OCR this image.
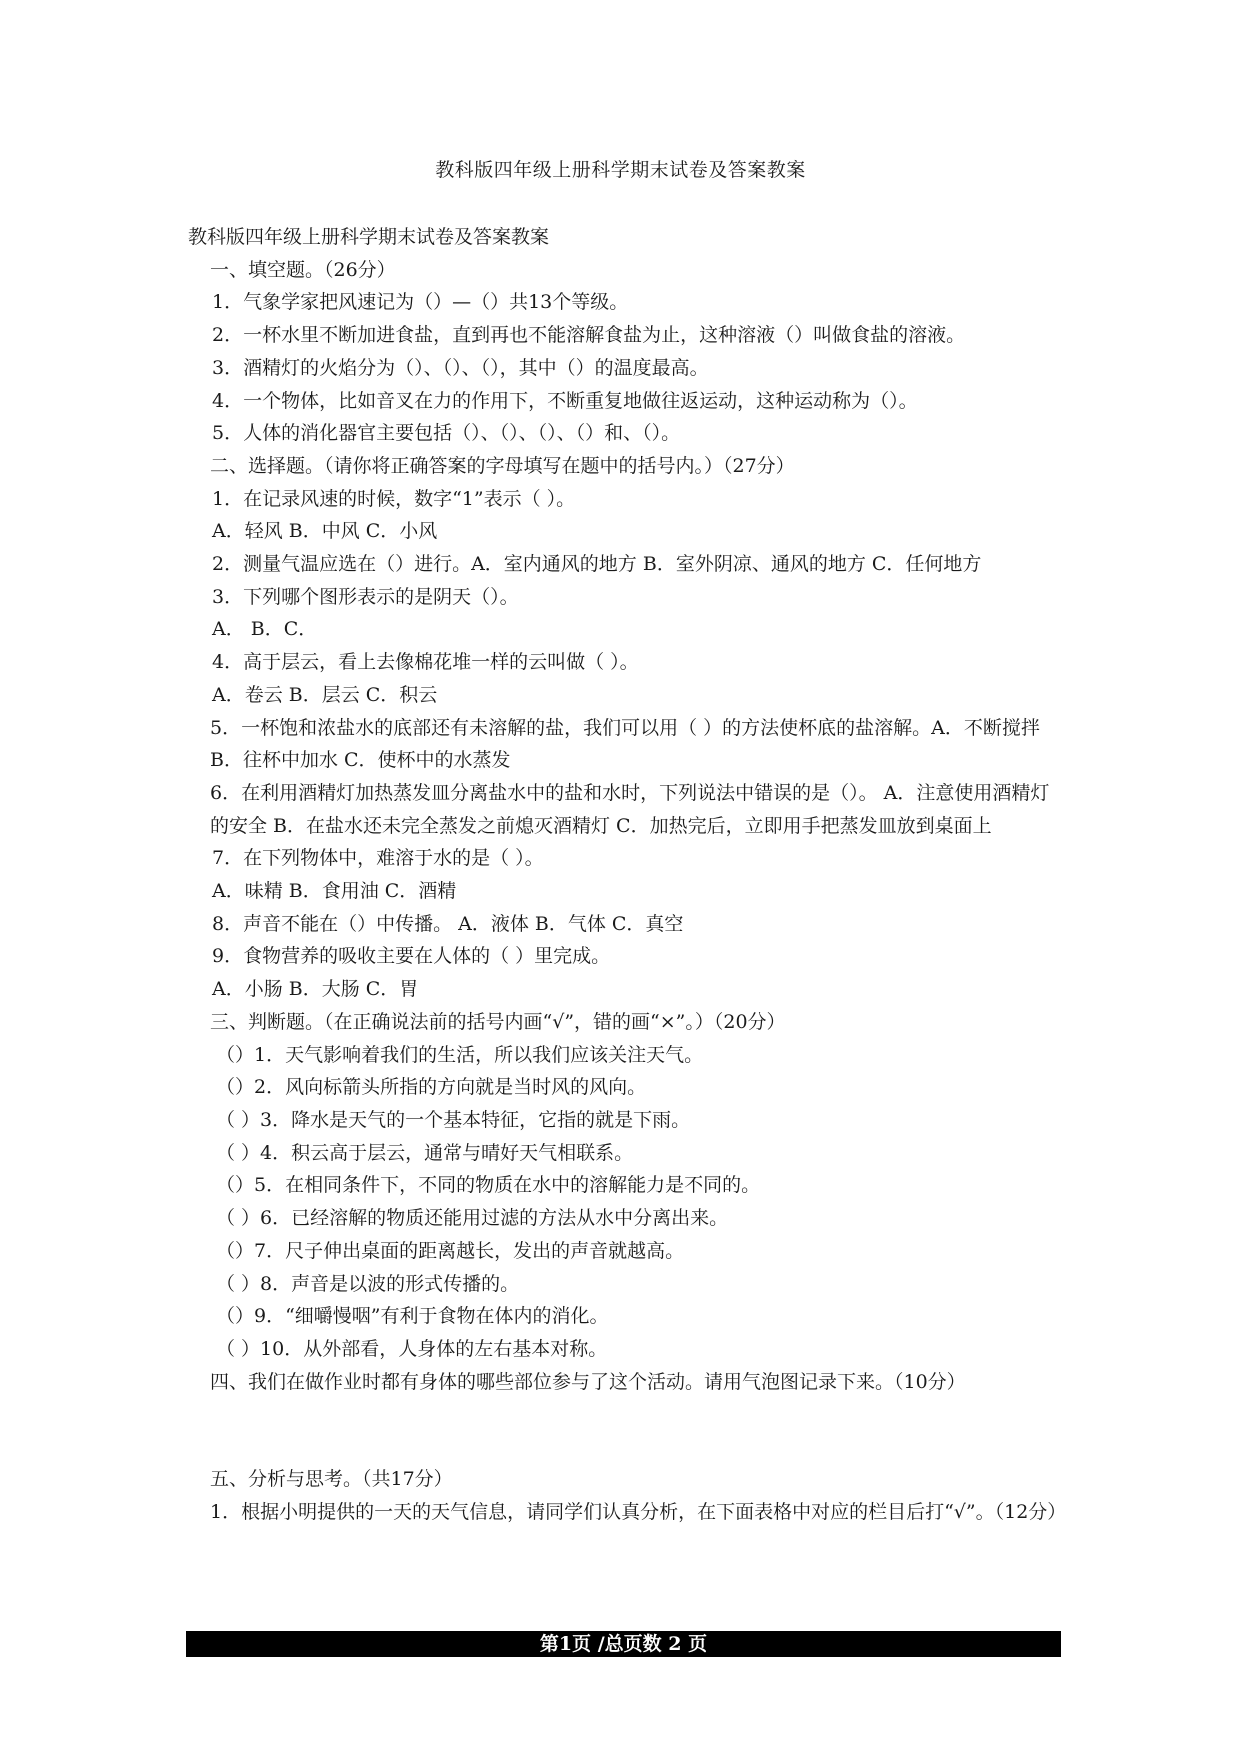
教科版四年级上册科学期末试卷及答案教案

教科版四年级上册科学期末试卷及答案教案

一、填空题。（26分）

1．气象学家把风速记为（）—（）共13个等级。

2．一杯水里不断加进食盐，直到再也不能溶解食盐为止，这种溶液（）叫做食盐的溶液。

3．酒精灯的火焰分为（）、（）、（），其中（）的温度最高。

4．一个物体，比如音叉在力的作用下，不断重复地做往返运动，这种运动称为（）。

5．人体的消化器官主要包括（）、（）、（）、（）和、（）。

二、选择题。（请你将正确答案的字母填写在题中的括号内。）（27分）

1．在记录风速的时候，数字“1”表示（ ）。

A．轻风 B．中风 C．小风

2．测量气温应选在（）进行。A．室内通风的地方 B．室外阴凉、通风的地方 C．任何地方

3．下列哪个图形表示的是阴天（）。

A． B．C．

4．高于层云，看上去像棉花堆一样的云叫做（ ）。

A．卷云 B．层云 C．积云

5．一杯饱和浓盐水的底部还有未溶解的盐，我们可以用（ ）的方法使杯底的盐溶解。A．不断搅拌 B．往杯中加水 C．使杯中的水蒸发

6．在利用酒精灯加热蒸发皿分离盐水中的盐和水时，下列说法中错误的是（）。 A．注意使用酒精灯的安全 B．在盐水还未完全蒸发之前熄灭酒精灯 C．加热完后，立即用手把蒸发皿放到桌面上

7．在下列物体中，难溶于水的是（ ）。

A．味精 B．食用油 C．酒精

8．声音不能在（）中传播。 A．液体 B．气体 C．真空

9．食物营养的吸收主要在人体的（ ）里完成。

A．小肠 B．大肠 C．胃

三、判断题。（在正确说法前的括号内画“√”，错的画“×”。）（20分）

（）1．天气影响着我们的生活，所以我们应该关注天气。

（）2．风向标箭头所指的方向就是当时风的风向。

（ ）3．降水是天气的一个基本特征，它指的就是下雨。

（ ）4．积云高于层云，通常与晴好天气相联系。

（）5．在相同条件下，不同的物质在水中的溶解能力是不同的。

（ ）6．已经溶解的物质还能用过滤的方法从水中分离出来。

（）7．尺子伸出桌面的距离越长，发出的声音就越高。

（ ）8．声音是以波的形式传播的。

（）9．“细嚼慢咽”有利于食物在体内的消化。

（ ）10．从外部看，人身体的左右基本对称。

四、我们在做作业时都有身体的哪些部位参与了这个活动。请用气泡图记录下来。（10分）

五、分析与思考。（共17分）

1．根据小明提供的一天的天气信息，请同学们认真分析，在下面表格中对应的栏目后打“√”。（12分）

第1页 /总页数 2 页
